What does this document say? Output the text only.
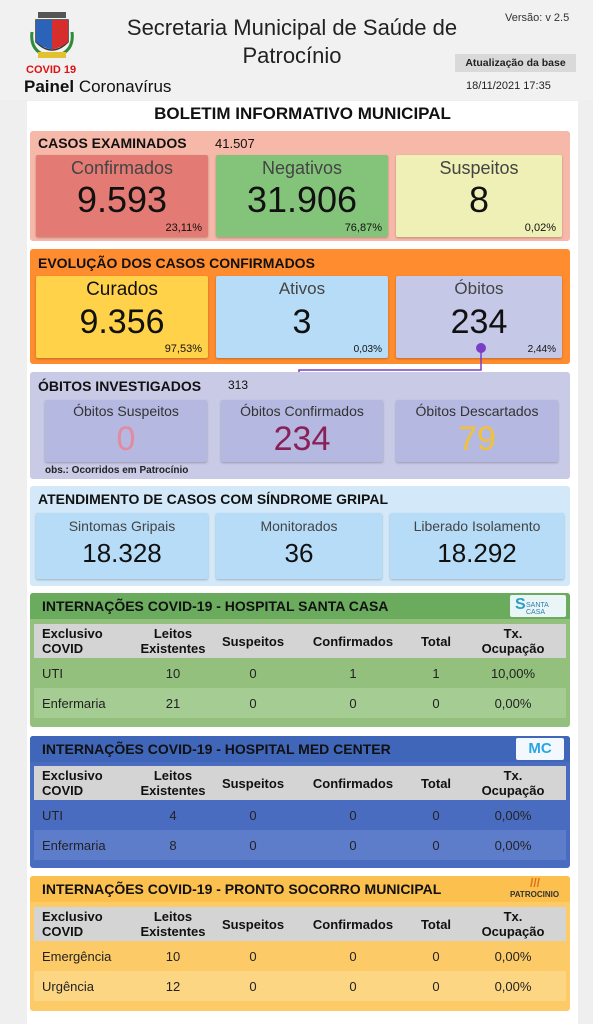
COVID 19
Painel Coronavírus
Secretaria Municipal de Saúde de Patrocínio
Versão: v 2.5
Atualização da base
18/11/2021 17:35
BOLETIM INFORMATIVO MUNICIPAL
CASOS EXAMINADOS 41.507
Confirmados
9.593
23,11%
Negativos
31.906
76,87%
Suspeitos
8
0,02%
EVOLUÇÃO DOS CASOS CONFIRMADOS
Curados
9.356
97,53%
Ativos
3
0,03%
Óbitos
234
2,44%
ÓBITOS INVESTIGADOS 313
Óbitos Suspeitos
0
Óbitos Confirmados
234
Óbitos Descartados
79
obs.: Ocorridos em Patrocínio
ATENDIMENTO DE CASOS COM SÍNDROME GRIPAL
Sintomas Gripais
18.328
Monitorados
36
Liberado Isolamento
18.292
INTERNAÇÕES COVID-19 - HOSPITAL SANTA CASA	S SANTA CASA
Exclusivo
COVID	Leitos
Existentes	Suspeitos	Confirmados	Total	Tx.
Ocupação
UTI	10	0	1	1	10,00%
Enfermaria	21	0	0	0	0,00%
INTERNAÇÕES COVID-19 - HOSPITAL MED CENTER	MC
Exclusivo
COVID	Leitos
Existentes	Suspeitos	Confirmados	Total	Tx.
Ocupação
UTI	4	0	0	0	0,00%
Enfermaria	8	0	0	0	0,00%
INTERNAÇÕES COVID-19 - PRONTO SOCORRO MUNICIPAL	///
PATROCINIO
Exclusivo
COVID	Leitos
Existentes	Suspeitos	Confirmados	Total	Tx.
Ocupação
Emergência	10	0	0	0	0,00%
Urgência	12	0	0	0	0,00%
